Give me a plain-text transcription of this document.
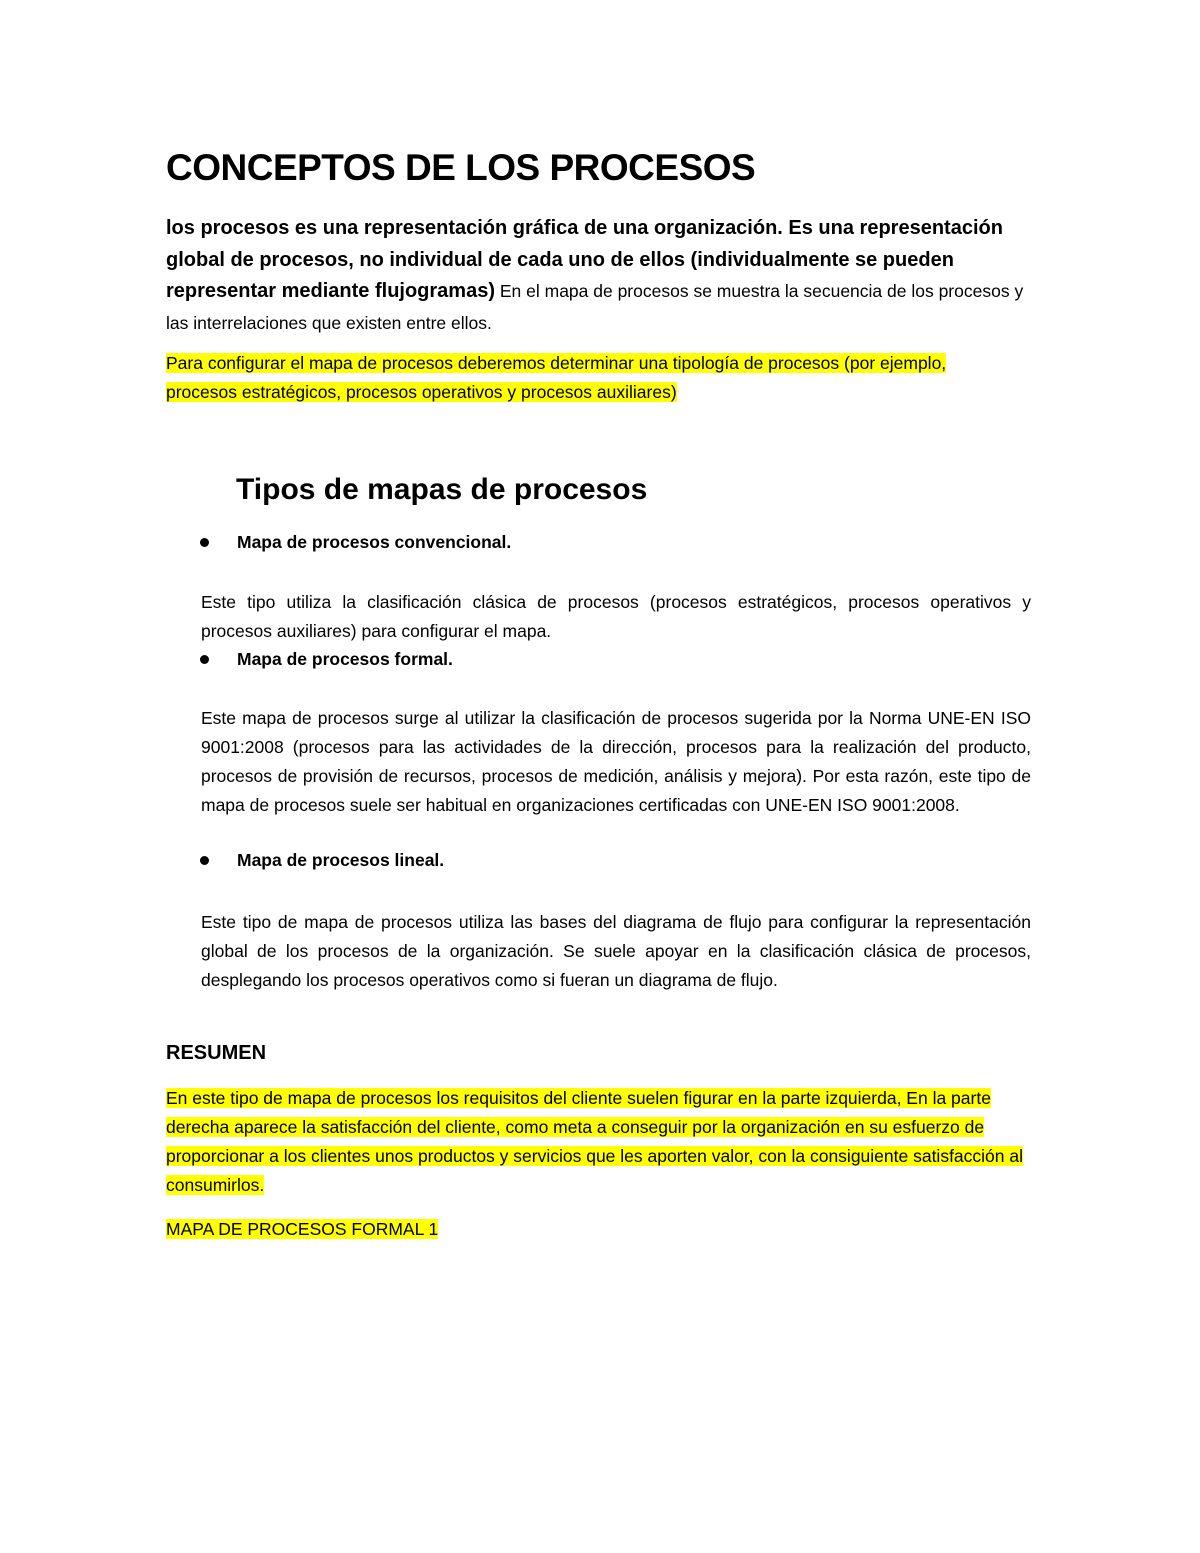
CONCEPTOS DE LOS PROCESOS

los procesos es una representación gráfica de una organización. Es una representación global de procesos, no individual de cada uno de ellos (individualmente se pueden representar mediante flujogramas) En el mapa de procesos se muestra la secuencia de los procesos y las interrelaciones que existen entre ellos.

Para configurar el mapa de procesos deberemos determinar una tipología de procesos (por ejemplo, procesos estratégicos, procesos operativos y procesos auxiliares)

Tipos de mapas de procesos
Mapa de procesos convencional.

Este tipo utiliza la clasificación clásica de procesos (procesos estratégicos, procesos operativos y procesos auxiliares) para configurar el mapa.

Mapa de procesos formal.

Este mapa de procesos surge al utilizar la clasificación de procesos sugerida por la Norma UNE-EN ISO 9001:2008 (procesos para las actividades de la dirección, procesos para la realización del producto, procesos de provisión de recursos, procesos de medición, análisis y mejora). Por esta razón, este tipo de mapa de procesos suele ser habitual en organizaciones certificadas con UNE-EN ISO 9001:2008.

Mapa de procesos lineal.

Este tipo de mapa de procesos utiliza las bases del diagrama de flujo para configurar la representación global de los procesos de la organización. Se suele apoyar en la clasificación clásica de procesos, desplegando los procesos operativos como si fueran un diagrama de flujo.

RESUMEN

En este tipo de mapa de procesos los requisitos del cliente suelen figurar en la parte izquierda, En la parte derecha aparece la satisfacción del cliente, como meta a conseguir por la organización en su esfuerzo de proporcionar a los clientes unos productos y servicios que les aporten valor, con la consiguiente satisfacción al consumirlos.

MAPA DE PROCESOS FORMAL 1
